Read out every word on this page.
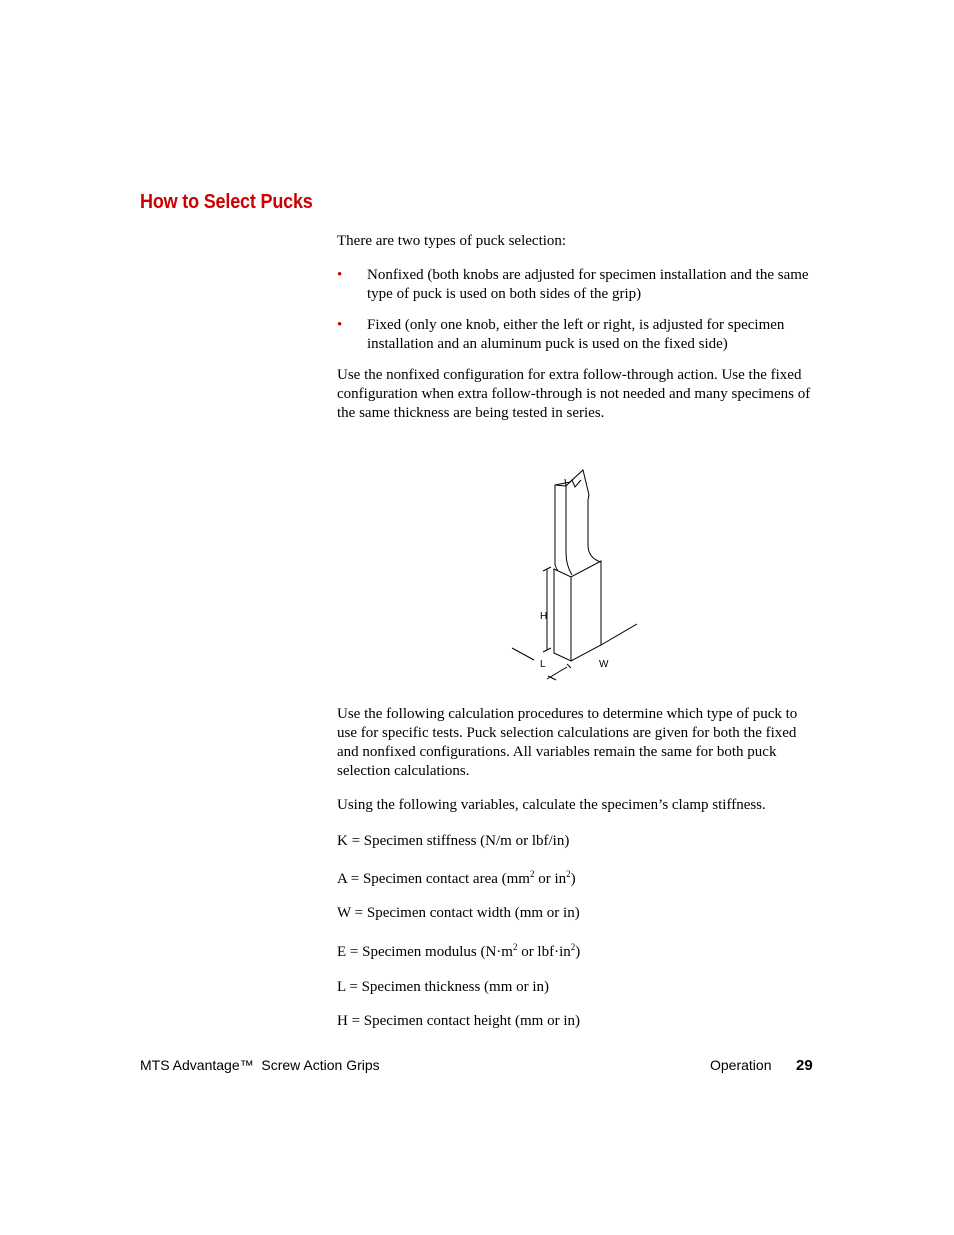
How to Select Pucks

There are two types of puck selection:

• Nonfixed (both knobs are adjusted for specimen installation and the same type of puck is used on both sides of the grip)
• Fixed (only one knob, either the left or right, is adjusted for specimen installation and an aluminum puck is used on the fixed side)

Use the nonfixed configuration for extra follow-through action. Use the fixed configuration when extra follow-through is not needed and many specimens of the same thickness are being tested in series.

H
L	W

Use the following calculation procedures to determine which type of puck to use for specific tests. Puck selection calculations are given for both the fixed and nonfixed configurations. All variables remain the same for both puck selection calculations.

Using the following variables, calculate the specimen’s clamp stiffness.

K = Specimen stiffness (N/m or lbf/in)

A = Specimen contact area ($mm^2$ or $in^2$)

W = Specimen contact width (mm or in)

E = Specimen modulus ($N\cdot m^2$ or $lbf\cdot in^2$)

L = Specimen thickness (mm or in)

H = Specimen contact height (mm or in)

MTS Advantage™  Screw Action Grips	Operation 29
